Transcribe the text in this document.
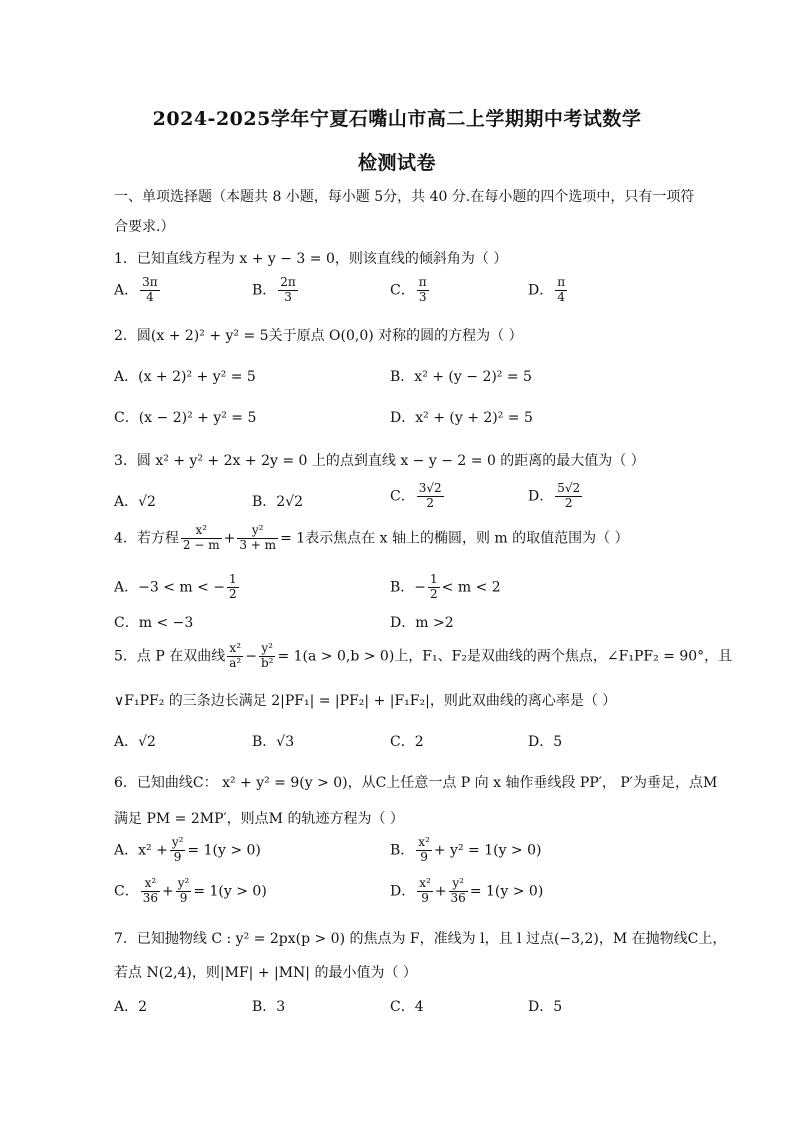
2024-2025学年宁夏石嘴山市高二上学期期中考试数学
检测试卷
一、单项选择题（本题共 8 小题，每小题 5分，共 40 分.在每小题的四个选项中，只有一项符
合要求.）
1．已知直线方程为 x + y − 3 = 0，则该直线的倾斜角为（ ）
A． $\frac{3\pi}{4}$	B． $\frac{2\pi}{3}$	C． $\frac{\pi}{3}$	D． $\frac{\pi}{4}$
2．圆(x + 2)² + y² = 5关于原点 O(0,0) 对称的圆的方程为（ ）
A．(x + 2)² + y² = 5	B．x² + (y − 2)² = 5
C．(x − 2)² + y² = 5	D．x² + (y + 2)² = 5
3．圆 x² + y² + 2x + 2y = 0 上的点到直线 x − y − 2 = 0 的距离的最大值为（ ）
A．√2	B．2√2	C． $\frac{3√2}{2}$	D． $\frac{5√2}{2}$
4．若方程 $\frac{\text{x²}}{2 - m} + \frac{\text{y²}}{3 + m} = 1$表示焦点在 x 轴上的椭圆，则 m 的取值范围为（ ）
A．−3 < m < − $\frac{1}{2}$	B．− $\frac{1}{2} < m < 2$
C．m < −3	D．m >2
5．点 P 在双曲线 $\frac{\text{x²}}{\text{a²}} - \frac{\text{y²}}{\text{b²}} = 1(a > 0,b > 0)$上，F₁、F₂是双曲线的两个焦点，∠F₁PF₂ = 90°，且
∨F₁PF₂ 的三条边长满足 2|PF₁| = |PF₂| + |F₁F₂|，则此双曲线的离心率是（ ）
A．√2	B．√3	C．2	D．5
6．已知曲线C： x² + y² = 9(y > 0)，从C上任意一点 P 向 x 轴作垂线段 PP′， P′为垂足，点M
满足 PM = 2MP′，则点M 的轨迹方程为（ ）
A．$x^2 + \frac{\text{y²}}{9} = 1(y > 0)$	B． $\frac{\text{x²}}{9} + y^2 = 1(y > 0)$
C． $\frac{\text{x²}}{36} + \frac{\text{y²}}{9} = 1(y > 0)$	D． $\frac{\text{x²}}{9} + \frac{\text{y²}}{36} = 1(y > 0)$
7．已知抛物线 C : y² = 2px(p > 0) 的焦点为 F，准线为 l，且 l 过点(−3,2)，M 在抛物线C上，
若点 N(2,4)，则|MF| + |MN| 的最小值为（ ）
A．2	B．3	C．4	D．5
